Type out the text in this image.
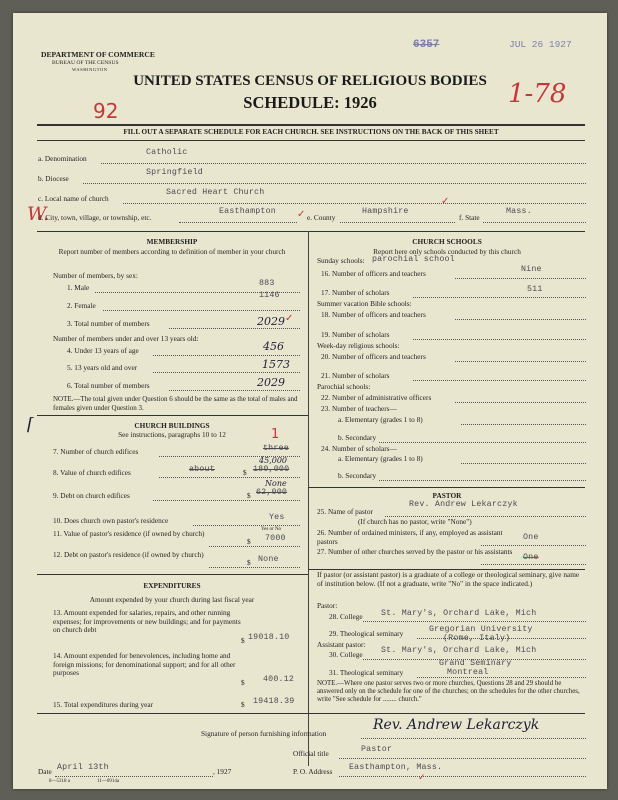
DEPARTMENT OF COMMERCE
BUREAU OF THE CENSUS
WASHINGTON
6357	JUL 26 1927
UNITED STATES CENSUS OF RELIGIOUS BODIES
SCHEDULE: 1926
92
1-78
FILL OUT A SEPARATE SCHEDULE FOR EACH CHURCH. SEE INSTRUCTIONS ON THE BACK OF THIS SHEET
a. Denomination
Catholic
b. Diocese
Springfield
c. Local name of church
Sacred Heart Church
W.
d. City, town, village, or township, etc.
Easthampton
e. County
Hampshire
f. State
Mass.
MEMBERSHIP
Report number of members according to definition of member in your church
Number of members, by sex:
1. Male	883
2. Female
1146
3. Total number of members	2029
Number of members under and over 13 years old:
4. Under 13 years of age	456
5. 13 years old and over	1573
6. Total number of members	2029
NOTE.—The total given under Question 6 should be the same as the total of males and females given under Question 3.
CHURCH BUILDINGS
See instructions, paragraphs 10 to 12
⌈
7. Number of church edifices	three
1
8. Value of church edifices	about	$ 180,000
45,000
9. Debt on church edifices	$ 62,000
None
10. Does church own pastor's residence	Yes
Yes or No
11. Value of pastor's residence (if owned by church)
$ 7000
12. Debt on pastor's residence (if owned by church)
$ None
EXPENDITURES
Amount expended by your church during last fiscal year
13. Amount expended for salaries, repairs, and other running expenses; for improvements or new buildings; and for payments on church debt
$ 19018.10
14. Amount expended for benevolences, including home and foreign missions; for denominational support; and for all other purposes
$ 400.12
15. Total expenditures during year	$ 19418.39
CHURCH SCHOOLS
Report here only schools conducted by this church
Sunday schools: parochial school
16. Number of officers and teachers	Nine
17. Number of scholars	511
Summer vacation Bible schools:
18. Number of officers and teachers
19. Number of scholars
Week-day religious schools:
20. Number of officers and teachers
21. Number of scholars
Parochial schools:
22. Number of administrative officers
23. Number of teachers—
a. Elementary (grades 1 to 8)
b. Secondary
24. Number of scholars—
a. Elementary (grades 1 to 8)
b. Secondary
PASTOR
25. Name of pastor
Rev. Andrew Lekarczyk
(If church has no pastor, write "None")
26. Number of ordained ministers, if any, employed as assistant pastors	One
27. Number of other churches served by the pastor or his assistants
One
If pastor (or assistant pastor) is a graduate of a college or theological seminary, give name of institution below. (If not a graduate, write "No" in the space indicated.)
Pastor:
28. College St. Mary's, Orchard Lake, Mich
29. Theological seminary	Gregorian University
(Rome, Italy)
Assistant pastor:
30. College St. Mary's, Orchard Lake, Mich
31. Theological seminary
Grand Seminary
Montreal
NOTE.—Where one pastor serves two or more churches, Questions 28 and 29 should be answered only on the schedule for one of the churches; on the schedules for the other churches, write "See schedule for ........ church."
Signature of person furnishing information
Rev. Andrew Lekarczyk
Official title	Pastor
Date April 13th	, 1927	P. O. Address Easthampton, Mass.
8—5318 a	11—0914a
✓
✓
✓
✓
